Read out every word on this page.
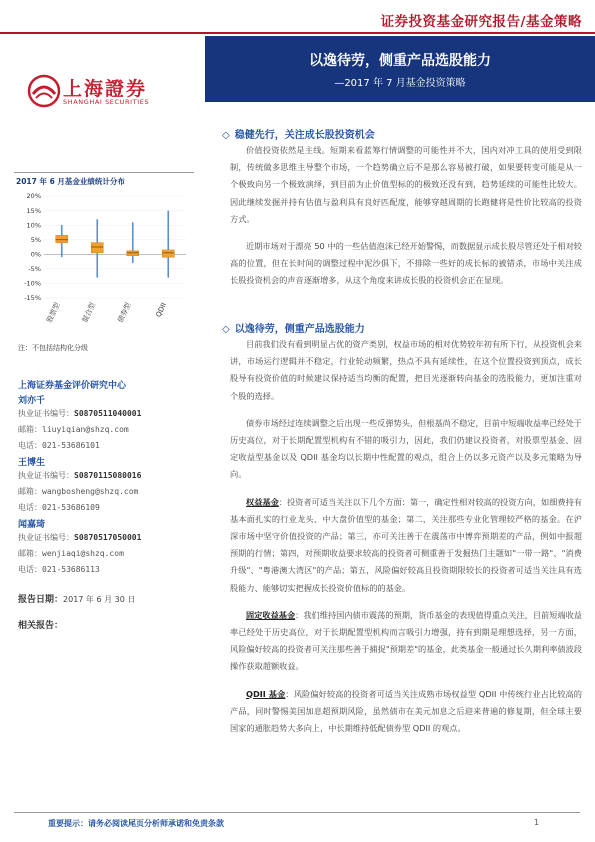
证券投资基金研究报告/基金策略
以逸待劳，侧重产品选股能力
—2017 年 7 月基金投资策略
上海證券
SHANGHAI SECURITIES
2017 年 6 月基金业绩统计分布
20%
15%
10%
5%
0%
-5%
-10%
-15%
股票型	混合型	债券型	QDII
注：不包括结构化分级
上海证券基金评价研究中心
刘亦千
执业证书编号：S0870511040001
邮箱：liuyiqian@shzq.com
电话：021-53686101
王博生
执业证书编号：S0870115080016
邮箱：wangbosheng@shzq.com
电话：021-53686109
闻嘉琦
执业证书编号：S0870517050001
邮箱：wenjiaqi@shzq.com
电话：021-53686113
报告日期：2017 年 6 月 30 日
相关报告：
◇ 稳健先行，关注成长股投资机会

价值投资依然是主线。短期来看蓝筹行情调整的可能性并不大，国内对冲工具的使用受到限制，传统做多思维主导整个市场，一个趋势确立后不是那么容易被打破，如果要转变可能是从一个极致向另一个极致演绎，到目前为止价值型标的的极致还没有到，趋势延续的可能性比较大。因此继续发掘并持有估值与盈利具有良好匹配度，能够穿越周期的长跑健将是性价比较高的投资方式。

近期市场对于漂亮 50 中的一些估值泡沫已经开始警惕，而数据显示成长股尽管还处于相对较高的位置，但在长时间的调整过程中泥沙俱下，不排除一些好的成长标的被错杀，市场中关注成长股投资机会的声音逐渐增多，从这个角度来讲成长股的投资机会正在显现。

◇ 以逸待劳，侧重产品选股能力

目前我们没有看到明显占优的资产类别，权益市场的相对优势较年初有所下行，从投资机会来讲，市场运行逻辑并不稳定，行业轮动频繁，热点不具有延续性，在这个位置投资到顶点，成长股导有投资价值的时候建议保持适当均衡的配置，把目光逐渐转向基金的选股能力，更加注重对个股的选择。

债券市场经过连续调整之后出现一些反弹势头，但根基尚不稳定，目前中短端收益率已经处于历史高位，对于长期配置型机构有不错的吸引力，因此，我们仍建议投资者，对股票型基金、固定收益型基金以及 QDII 基金均以长期中性配置的观点，组合上仍以多元资产以及多元策略为导向。

权益基金：投资者可适当关注以下几个方面：第一，确定性相对较高的投资方向，如细费持有基本面扎实的行业龙头、中大盘价值型的基金；第二，关注那些专业化管理较严格的基金。在沪深市场中坚守价值投资的产品；第三，亦可关注善于在震荡市中博弈预期差的产品，例如中报超预期的行情；第四，对预期收益要求较高的投资者可侧重善于发掘热门主题如"一带一路"、"消费升级"、"粤港澳大湾区"的产品；第五，风险偏好较高且投资期限较长的投资者可适当关注具有选股能力、能够切实把握成长投资价值标的的基金。

固定收益基金：我们维持国内债市震荡的预期，货币基金的表现值得重点关注，目前短端收益率已经处于历史高位，对于长期配置型机构而言吸引力增强，持有到期是理想选择，另一方面，风险偏好较高的投资者可关注那些善于捕捉"预期差"的基金，此类基金一般通过长久期利率债波段操作获取超额收益。

QDII 基金：风险偏好较高的投资者可适当关注成熟市场权益型 QDII 中传统行业占比较高的产品，同时警惕美国加息超预期风险，虽然债市在美元加息之后迎来普遍的修复期，但全球主要国家的通胀趋势大多向上，中长期维持低配债券型 QDII 的观点。

重要提示：请务必阅读尾页分析师承诺和免责条款	1
